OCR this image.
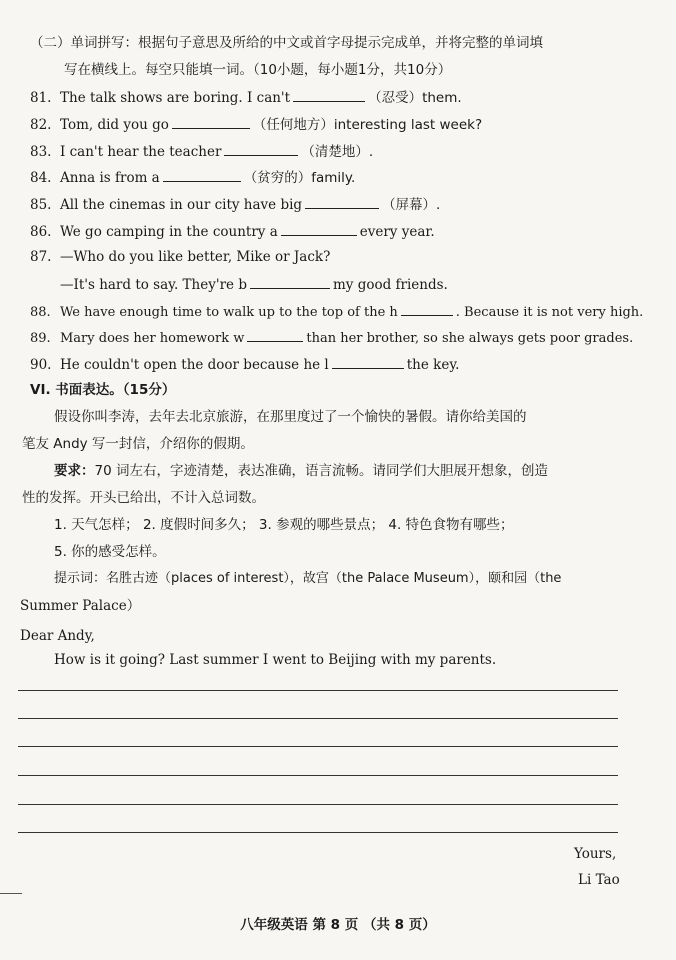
（二）单词拼写：根据句子意思及所给的中文或首字母提示完成单，并将完整的单词填
写在横线上。每空只能填一词。（10小题，每小题1分，共10分）
81. The talk shows are boring. I can't	（忍受）them.
82. Tom, did you go	（任何地方）interesting last week?
83. I can't hear the teacher	（清楚地）.
84. Anna is from a	（贫穷的）family.
85. All the cinemas in our city have big	（屏幕）.
86. We go camping in the country a	every year.
87. —Who do you like better, Mike or Jack?
—It's hard to say. They're b	my good friends.
88. We have enough time to walk up to the top of the h	. Because it is not very high.
89. Mary does her homework w	than her brother, so she always gets poor grades.
90. He couldn't open the door because he l	the key.
VI. 书面表达。（15分）
假设你叫李涛，去年去北京旅游，在那里度过了一个愉快的暑假。请你给美国的
笔友 Andy 写一封信，介绍你的假期。
要求：70 词左右，字迹清楚，表达准确，语言流畅。请同学们大胆展开想象，创造
性的发挥。开头已给出，不计入总词数。
1. 天气怎样； 2. 度假时间多久； 3. 参观的哪些景点； 4. 特色食物有哪些；
5. 你的感受怎样。
提示词：名胜古迹（places of interest），故宫（the Palace Museum），颐和园（the
Summer Palace）
Dear Andy,
How is it going? Last summer I went to Beijing with my parents.
Yours,
Li Tao
八年级英语 第 8 页 （共 8 页）
